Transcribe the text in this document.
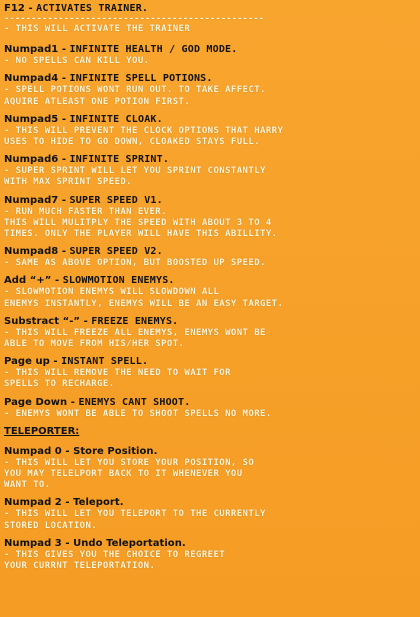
F12 - ACTIVATES TRAINER.
------------------------------------------------
- THIS WILL ACTIVATE THE TRAINER
Numpad1 - INFINITE HEALTH / GOD MODE.
- NO SPELLS CAN KILL YOU.
Numpad4 - INFINITE SPELL POTIONS.
- SPELL POTIONS WONT RUN OUT. TO TAKE AFFECT.
AQUIRE ATLEAST ONE POTION FIRST.
Numpad5 - INFINITE CLOAK.
- THIS WILL PREVENT THE CLOCK OPTIONS THAT HARRY
USES TO HIDE TO GO DOWN, CLOAKED STAYS FULL.
Numpad6 - INFINITE SPRINT.
- SUPER SPRINT WILL LET YOU SPRINT CONSTANTLY
WITH MAX SPRINT SPEED.
Numpad7 - SUPER SPEED V1.
- RUN MUCH FASTER THAN EVER.
THIS WILL MULITPLY THE SPEED WITH ABOUT 3 TO 4
TIMES. ONLY THE PLAYER WILL HAVE THIS ABILLITY.
Numpad8 - SUPER SPEED V2.
- SAME AS ABOVE OPTION, BUT BOOSTED UP SPEED.
Add “+” - SLOWMOTION ENEMYS.
- SLOWMOTION ENEMYS WILL SLOWDOWN ALL
ENEMYS INSTANTLY, ENEMYS WILL BE AN EASY TARGET.
Substract “-” - FREEZE ENEMYS.
- THIS WILL FREEZE ALL ENEMYS, ENEMYS WONT BE
ABLE TO MOVE FROM HIS/HER SPOT.
Page up - INSTANT SPELL.
- THIS WILL REMOVE THE NEED TO WAIT FOR
SPELLS TO RECHARGE.
Page Down - ENEMYS CANT SHOOT.
- ENEMYS WONT BE ABLE TO SHOOT SPELLS NO MORE.
TELEPORTER:
Numpad 0 - Store Position.
- THIS WILL LET YOU STORE YOUR POSITION, SO
YOU MAY TELELPORT BACK TO IT WHENEVER YOU
WANT TO.
Numpad 2 - Teleport.
- THIS WILL LET YOU TELEPORT TO THE CURRENTLY
STORED LOCATION.
Numpad 3 - Undo Teleportation.
- THIS GIVES YOU THE CHOICE TO REGREET
YOUR CURRNT TELEPORTATION.
